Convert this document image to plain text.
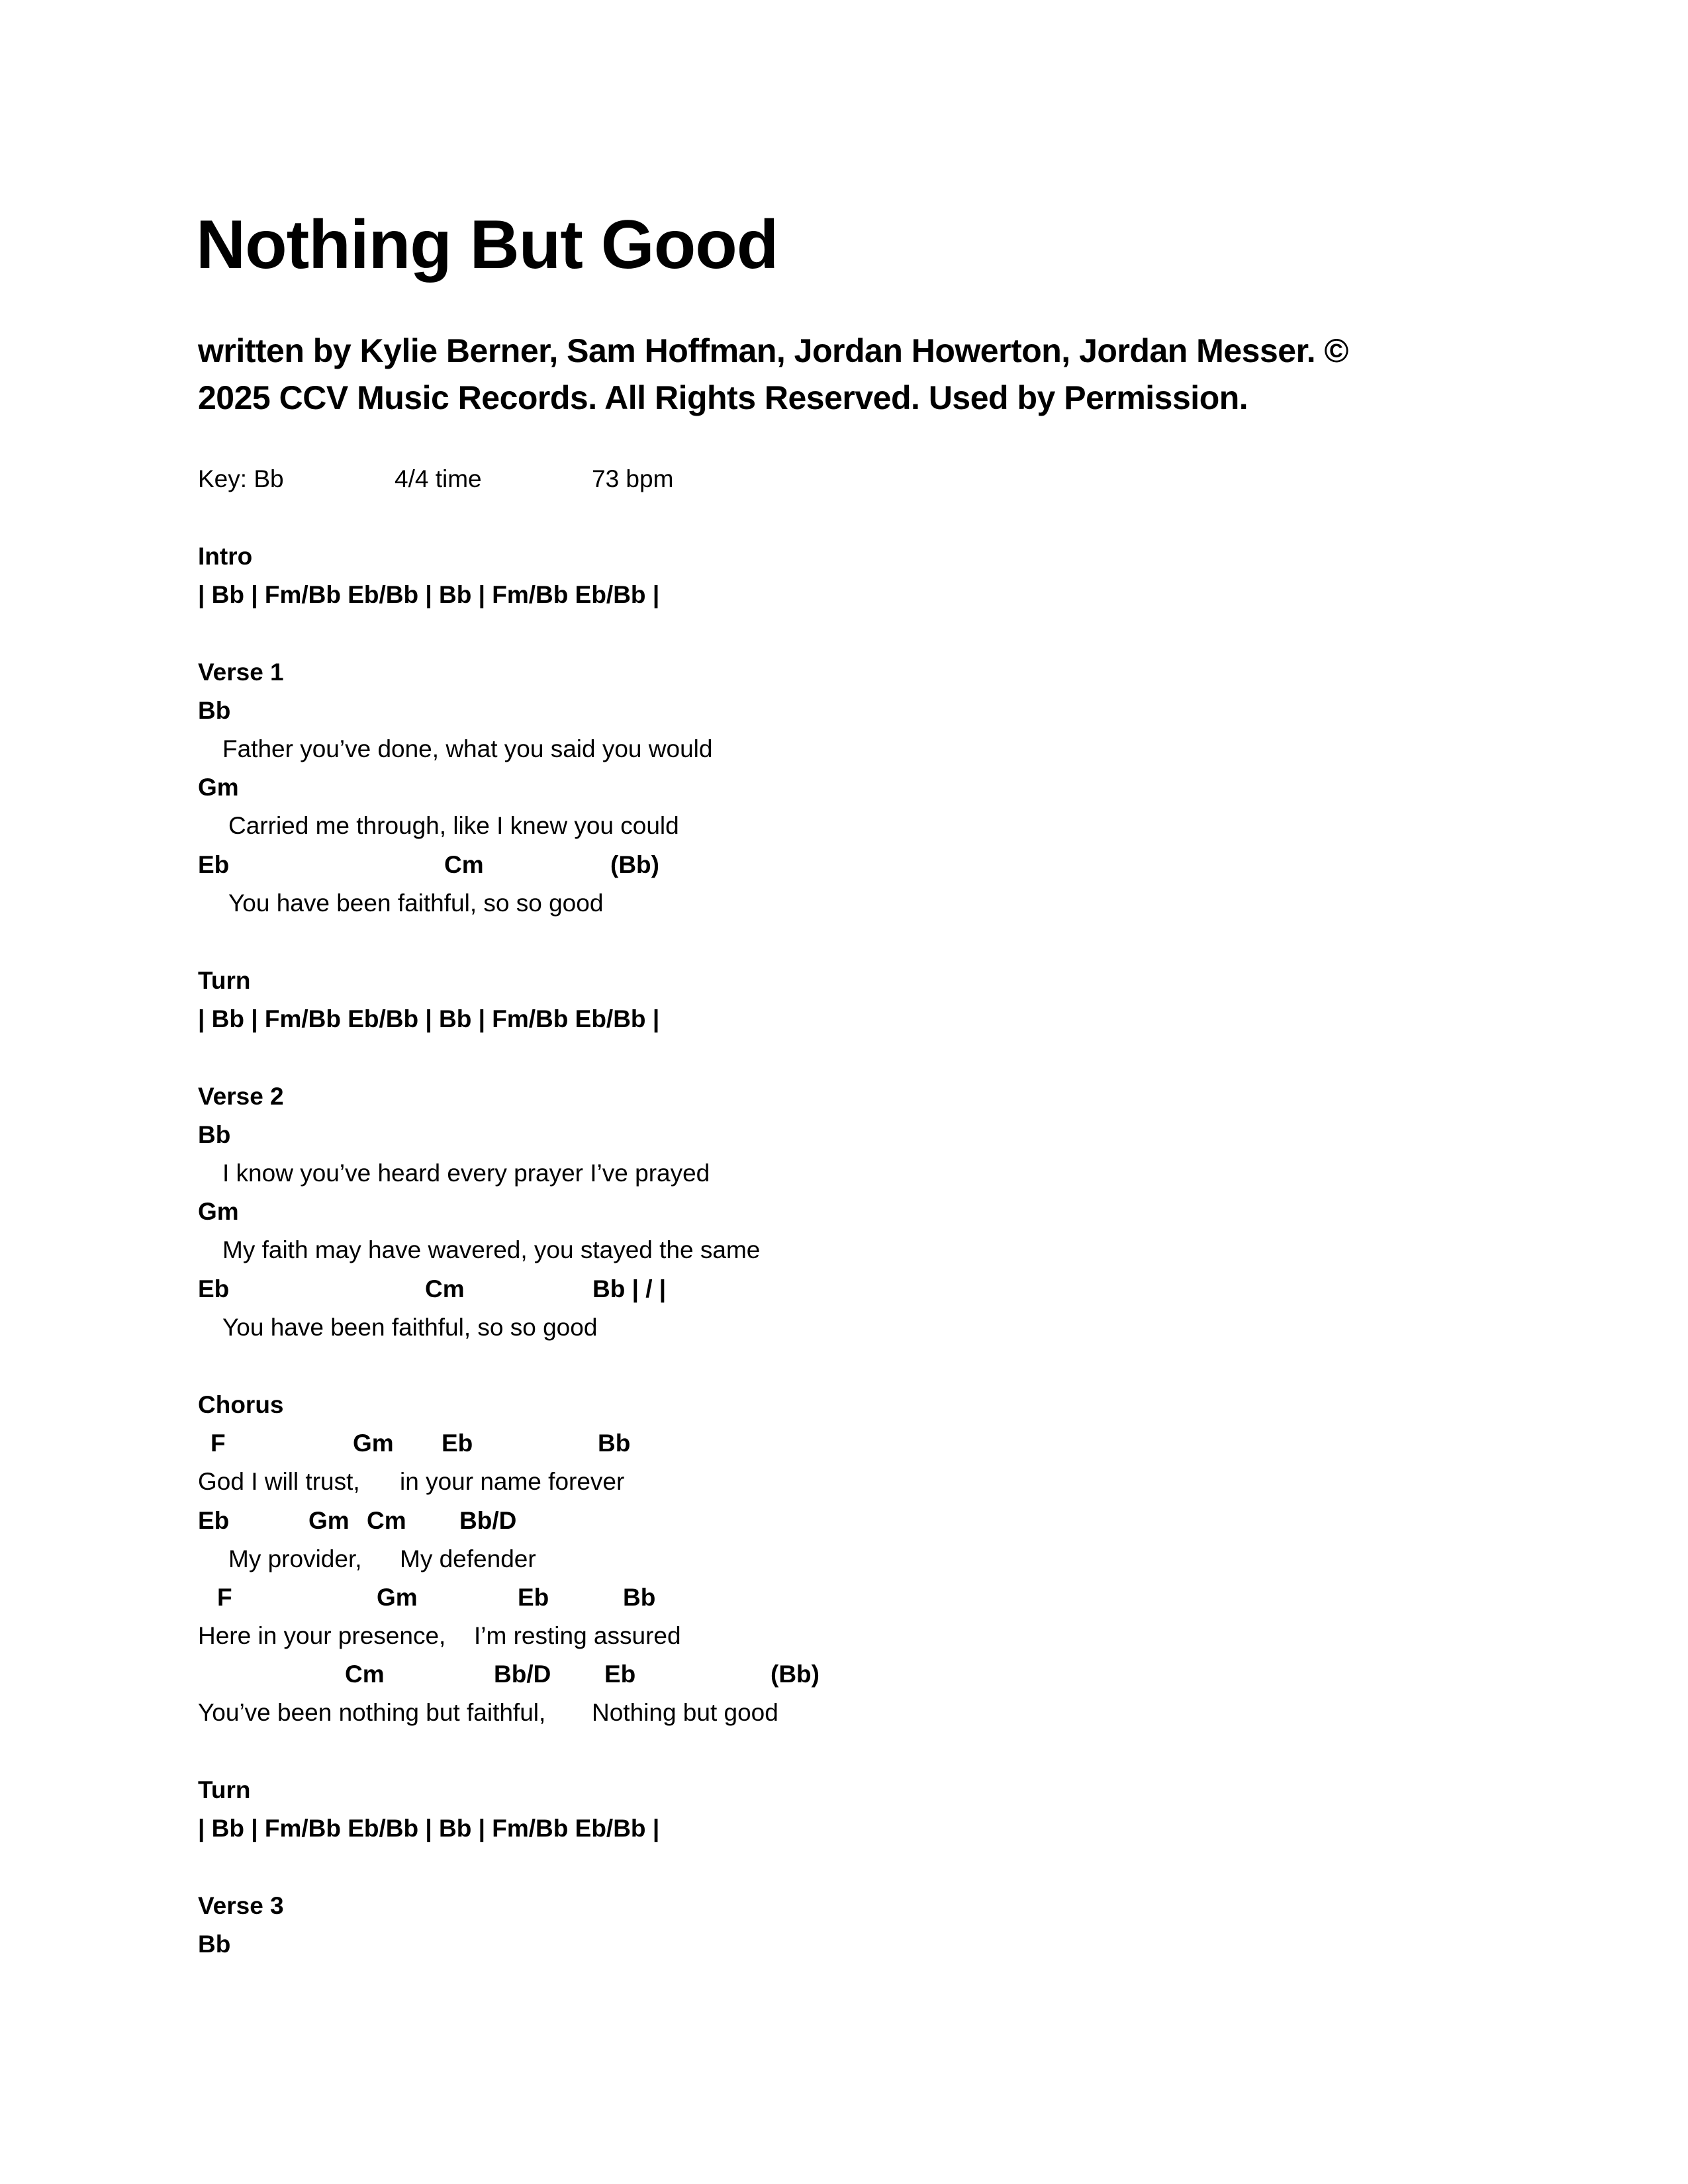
Nothing But Good
written by Kylie Berner, Sam Hoffman, Jordan Howerton, Jordan Messer. ©
2025 CCV Music Records. All Rights Reserved. Used by Permission.
Key: Bb	4/4 time	73 bpm
Intro
| Bb | Fm/Bb Eb/Bb | Bb | Fm/Bb Eb/Bb |
Verse 1
Bb
Father you’ve done, what you said you would
Gm
Carried me through, like I knew you could
Eb	Cm	(Bb)
You have been faithful, so so good
Turn
| Bb | Fm/Bb Eb/Bb | Bb | Fm/Bb Eb/Bb |
Verse 2
Bb
I know you’ve heard every prayer I’ve prayed
Gm
My faith may have wavered, you stayed the same
Eb	Cm	Bb | / |
You have been faithful, so so good
Chorus
F	Gm Eb	Bb
God I will trust, in your name forever
Eb	Gm Cm Bb/D
My provider, My defender
F	Gm	Eb	Bb
Here in your presence, I’m resting assured
Cm	Bb/D Eb	(Bb)
You’ve been nothing but faithful, Nothing but good
Turn
| Bb | Fm/Bb Eb/Bb | Bb | Fm/Bb Eb/Bb |
Verse 3
Bb
